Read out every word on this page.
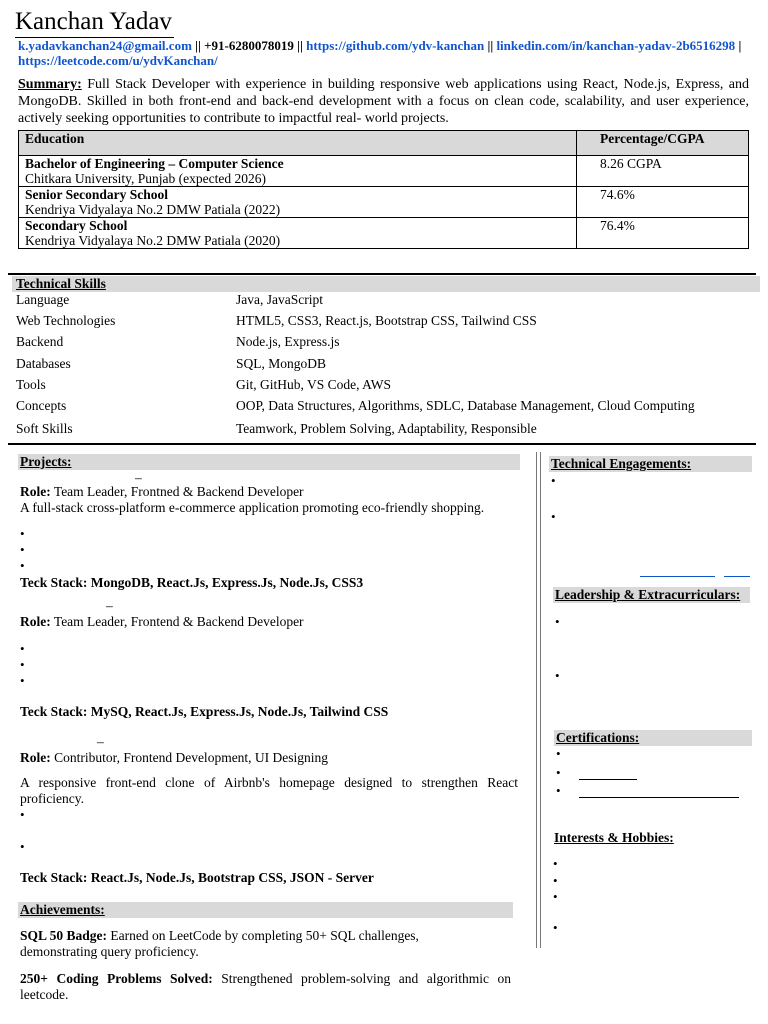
Kanchan Yadav
k.yadavkanchan24@gmail.com || +91-6280078019 || https://github.com/ydv-kanchan || linkedin.com/in/kanchan-yadav-2b6516298 | https://leetcode.com/u/ydvKanchan/
Summary: Full Stack Developer with experience in building responsive web applications using React, Node.js, Express, and MongoDB. Skilled in both front-end and back-end development with a focus on clean code, scalability, and user experience, actively seeking opportunities to contribute to impactful real- world projects.
Education	Percentage/CGPA

Bachelor of Engineering – Computer Science
Chitkara University, Punjab (expected 2026)	8.26 CGPA

Senior Secondary School
Kendriya Vidyalaya No.2 DMW Patiala (2022)	74.6%

Secondary School
Kendriya Vidyalaya No.2 DMW Patiala (2020)	76.4%
Technical Skills
Language	Java, JavaScript
Web Technologies	HTML5, CSS3, React.js, Bootstrap CSS, Tailwind CSS
Backend	Node.js, Express.js
Databases	SQL, MongoDB
Tools	Git, GitHub, VS Code, AWS
Concepts	OOP, Data Structures, Algorithms, SDLC, Database Management, Cloud Computing
Soft Skills	Teamwork, Problem Solving, Adaptability, Responsible
Projects:
–
Role: Team Leader, Frontned & Backend Developer
A full-stack cross-platform e-commerce application promoting eco-friendly shopping.
•
•
•
Teck Stack: MongoDB, React.Js, Express.Js, Node.Js, CSS3
–
Role: Team Leader, Frontend & Backend Developer
•
•
•
Teck Stack: MySQ, React.Js, Express.Js, Node.Js, Tailwind CSS
–
Role: Contributor, Frontend Development, UI Designing
A responsive front-end clone of Airbnb's homepage designed to strengthen React proficiency.
•
•
Teck Stack: React.Js, Node.Js, Bootstrap CSS, JSON - Server
Achievements:
SQL 50 Badge: Earned on LeetCode by completing 50+ SQL challenges, demonstrating query proficiency.
250+ Coding Problems Solved: Strengthened problem-solving and algorithmic on leetcode.
Technical Engagements:
•
•
Leadership & Extracurriculars:
•
•
Certifications:
•
•
•
Interests & Hobbies:
•
•
•
•
